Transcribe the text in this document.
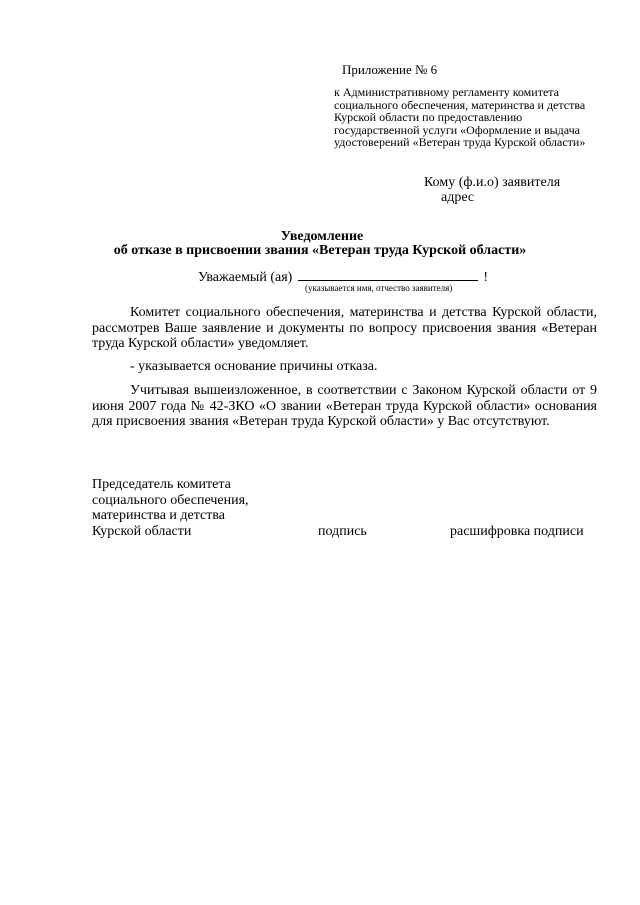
Приложение № 6
к Административному регламенту комитета
социального обеспечения, материнства и детства
Курской области по предоставлению
государственной услуги «Оформление и выдача
удостоверений «Ветеран труда Курской области»
Кому (ф.и.о) заявителя
адрес
Уведомление
об отказе в присвоении звания «Ветеран труда Курской области»
Уважаемый (ая)	!
(указывается имя, отчество заявителя)
Комитет социального обеспечения, материнства и детства Курской области, рассмотрев Ваше заявление и документы по вопросу присвоения звания «Ветеран труда Курской области» уведомляет.
- указывается основание причины отказа.
Учитывая вышеизложенное, в соответствии с Законом Курской области от 9 июня 2007 года № 42-ЗКО «О звании «Ветеран труда Курской области» основания для присвоения звания «Ветеран труда Курской области» у Вас отсутствуют.
Председатель комитета
социального обеспечения,
материнства и детства
Курской области	подпись	расшифровка подписи
